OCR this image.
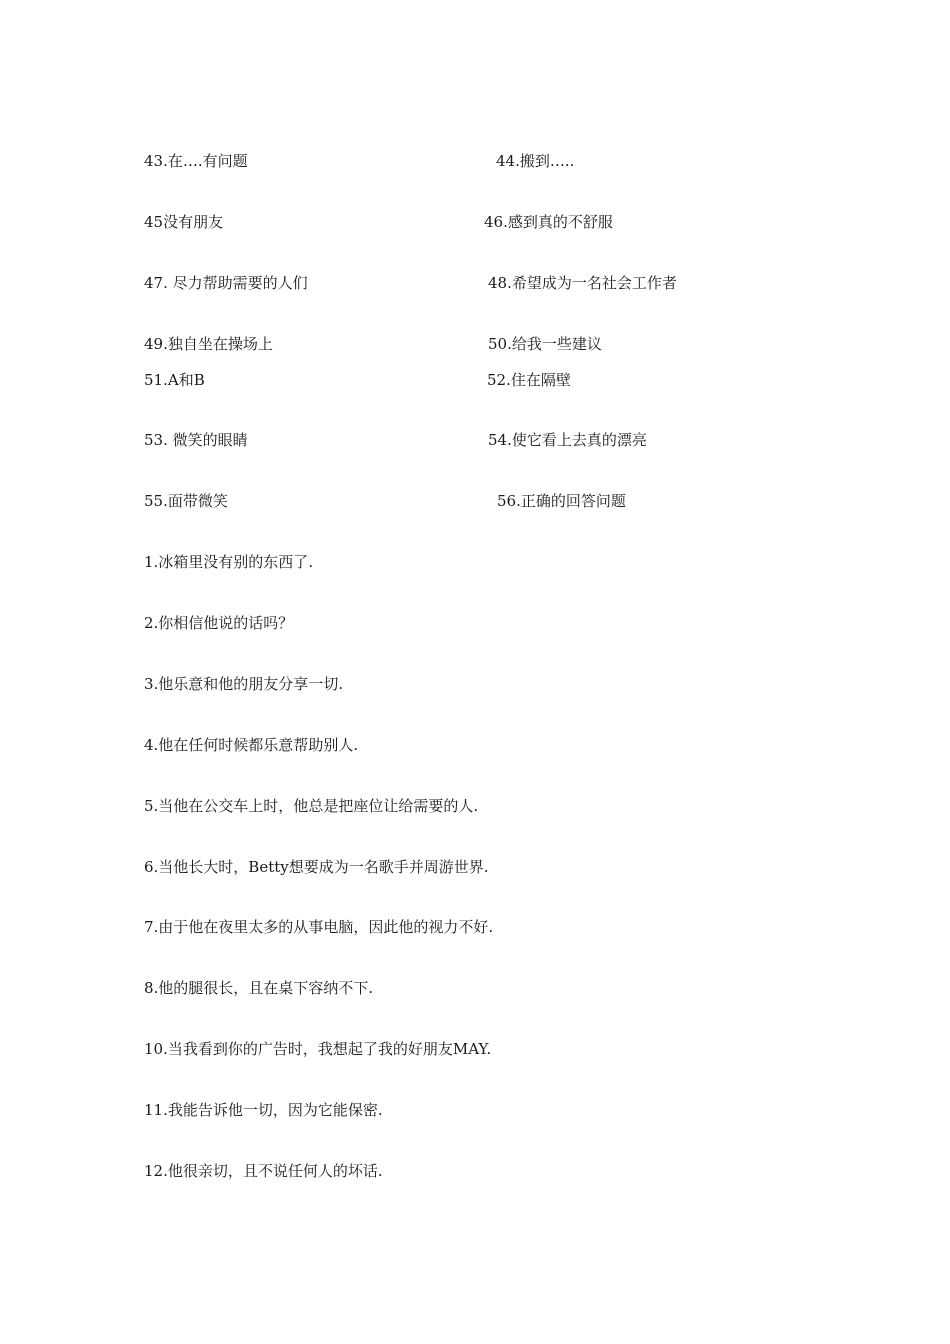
43.在….有问题	44.搬到…..
45没有朋友	46.感到真的不舒服
47. 尽力帮助需要的人们	48.希望成为一名社会工作者
49.独自坐在操场上	50.给我一些建议
51.A和B	52.住在隔壁
53. 微笑的眼睛	54.使它看上去真的漂亮
55.面带微笑	56.正确的回答问题
1.冰箱里没有别的东西了.
2.你相信他说的话吗？
3.他乐意和他的朋友分享一切.
4.他在任何时候都乐意帮助别人.
5.当他在公交车上时，他总是把座位让给需要的人.
6.当他长大时，Betty想要成为一名歌手并周游世界.
7.由于他在夜里太多的从事电脑，因此他的视力不好.
8.他的腿很长，且在桌下容纳不下.
10.当我看到你的广告时，我想起了我的好朋友MAY.
11.我能告诉他一切，因为它能保密.
12.他很亲切，且不说任何人的坏话.
